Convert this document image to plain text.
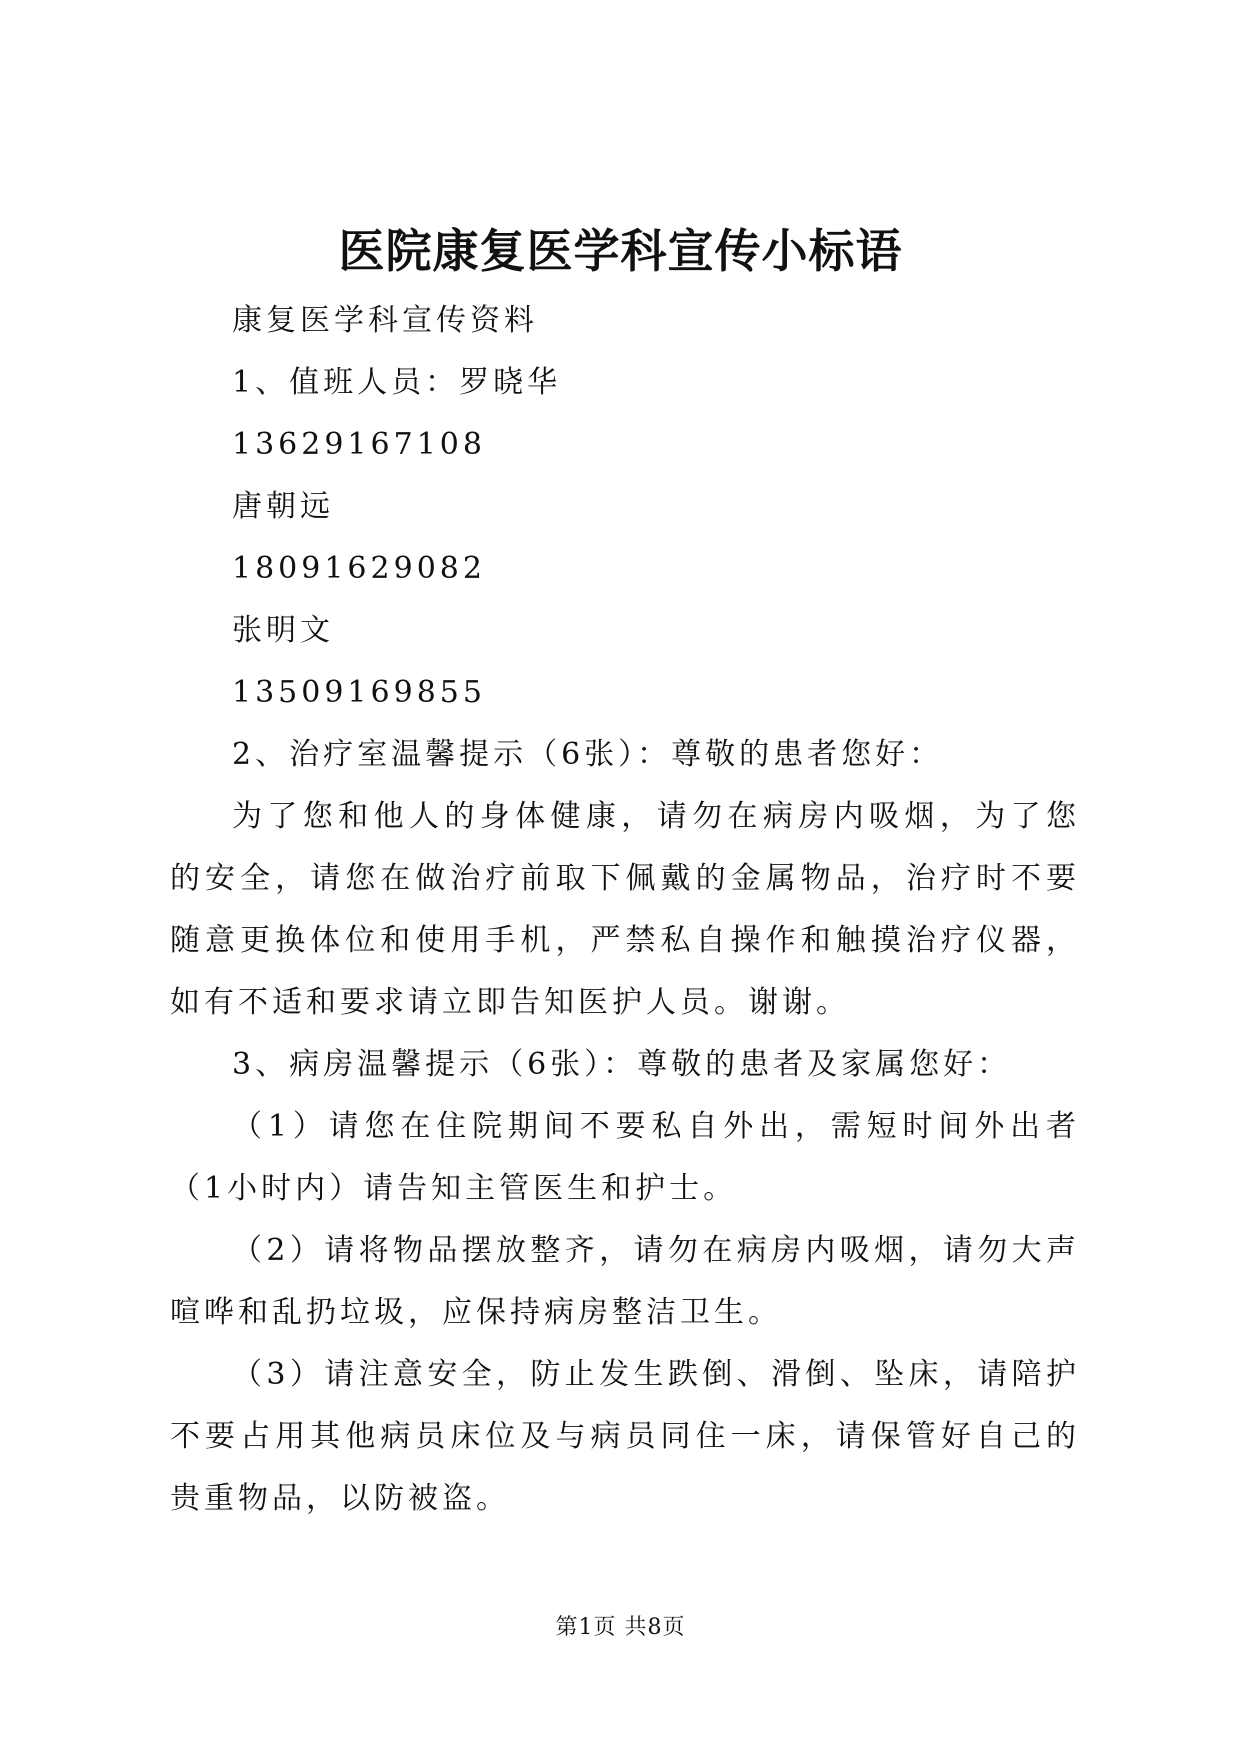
医院康复医学科宣传小标语
康复医学科宣传资料
1、值班人员：罗晓华
13629167108
唐朝远
18091629082
张明文
13509169855
2、治疗室温馨提示（6张）：尊敬的患者您好：

为了您和他人的身体健康，请勿在病房内吸烟，为了您的安全，请您在做治疗前取下佩戴的金属物品，治疗时不要随意更换体位和使用手机，严禁私自操作和触摸治疗仪器，如有不适和要求请立即告知医护人员。谢谢。

3、病房温馨提示（6张）：尊敬的患者及家属您好：

（1）请您在住院期间不要私自外出，需短时间外出者（1小时内）请告知主管医生和护士。

（2）请将物品摆放整齐，请勿在病房内吸烟，请勿大声喧哗和乱扔垃圾，应保持病房整洁卫生。

（3）请注意安全，防止发生跌倒、滑倒、坠床，请陪护不要占用其他病员床位及与病员同住一床，请保管好自己的贵重物品，以防被盗。

第1页 共8页
